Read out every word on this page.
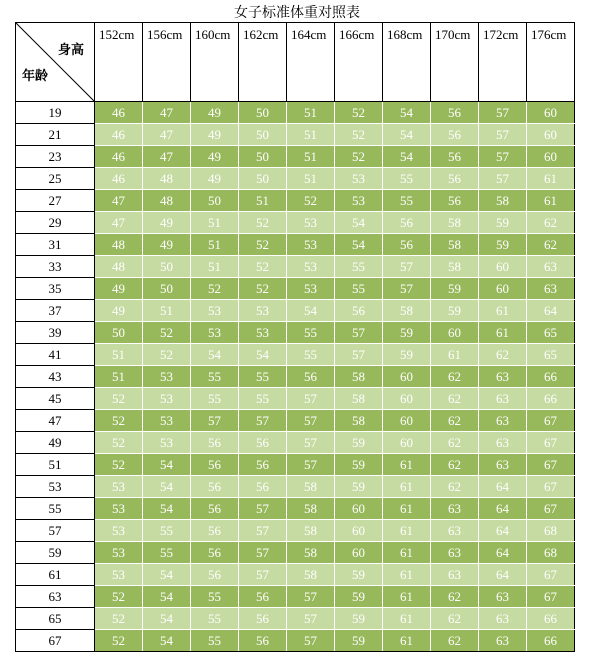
女子标准体重对照表
身高
年龄	152cm	156cm	160cm	162cm	164cm	166cm	168cm	170cm	172cm	176cm
19	46	47	49	50	51	52	54	56	57	60
21	46	47	49	50	51	52	54	56	57	60
23	46	47	49	50	51	52	54	56	57	60
25	46	48	49	50	51	53	55	56	57	61
27	47	48	50	51	52	53	55	56	58	61
29	47	49	51	52	53	54	56	58	59	62
31	48	49	51	52	53	54	56	58	59	62
33	48	50	51	52	53	55	57	58	60	63
35	49	50	52	52	53	55	57	59	60	63
37	49	51	53	53	54	56	58	59	61	64
39	50	52	53	53	55	57	59	60	61	65
41	51	52	54	54	55	57	59	61	62	65
43	51	53	55	55	56	58	60	62	63	66
45	52	53	55	55	57	58	60	62	63	66
47	52	53	57	57	57	58	60	62	63	67
49	52	53	56	56	57	59	60	62	63	67
51	52	54	56	56	57	59	61	62	63	67
53	53	54	56	56	58	59	61	62	64	67
55	53	54	56	57	58	60	61	63	64	67
57	53	55	56	57	58	60	61	63	64	68
59	53	55	56	57	58	60	61	63	64	68
61	53	54	56	57	58	59	61	63	64	67
63	52	54	55	56	57	59	61	62	63	67
65	52	54	55	56	57	59	61	62	63	66
67	52	54	55	56	57	59	61	62	63	66
